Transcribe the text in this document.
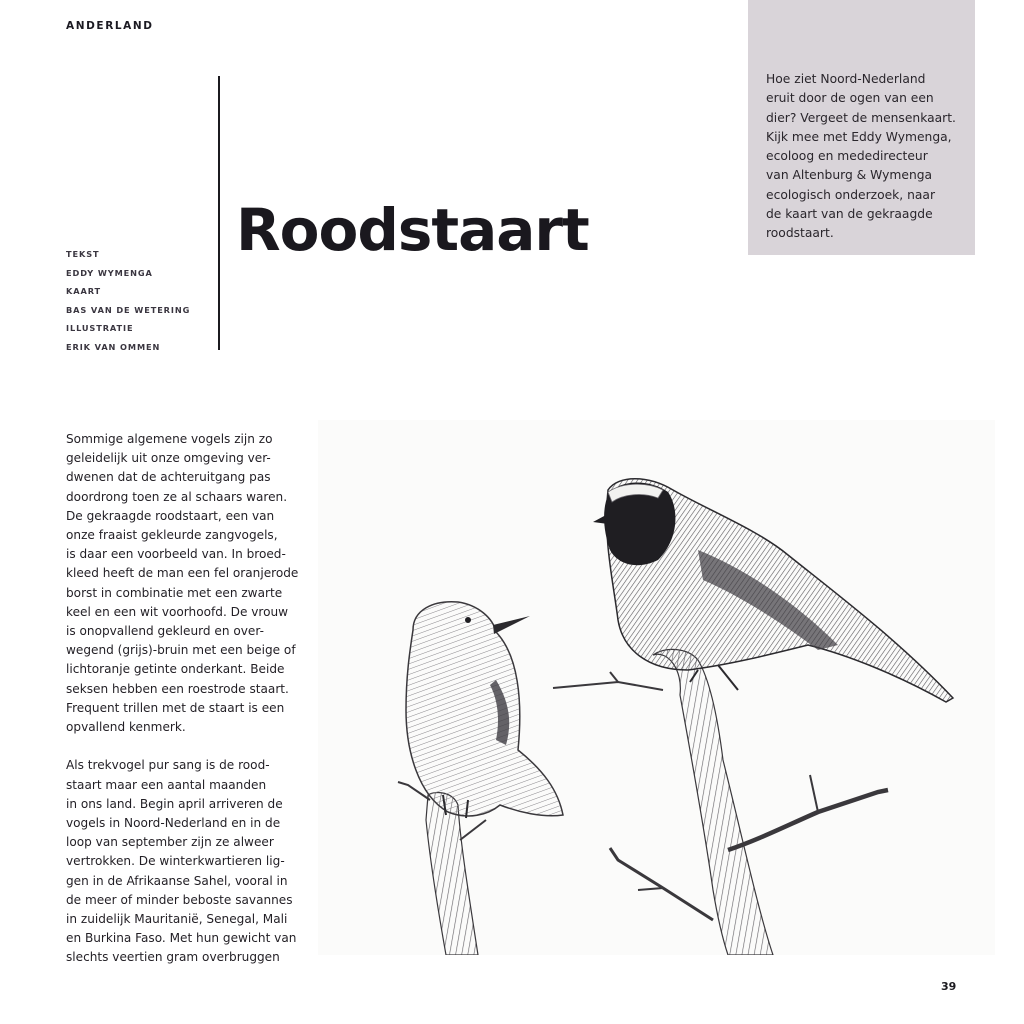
ANDERLAND
TEKST
EDDY WYMENGA
KAART
BAS VAN DE WETERING
ILLUSTRATIE
ERIK VAN OMMEN
Roodstaart
Hoe ziet Noord-Nederland
eruit door de ogen van een
dier? Vergeet de mensenkaart.
Kijk mee met Eddy Wymenga,
ecoloog en mededirecteur
van Altenburg & Wymenga
ecologisch onderzoek, naar
de kaart van de gekraagde
roodstaart.

Sommige algemene vogels zijn zo
geleidelijk uit onze omgeving ver-
dwenen dat de achteruitgang pas
doordrong toen ze al schaars waren.
De gekraagde roodstaart, een van
onze fraaist gekleurde zangvogels,
is daar een voorbeeld van. In broed-
kleed heeft de man een fel oranjerode
borst in combinatie met een zwarte
keel en een wit voorhoofd. De vrouw
is onopvallend gekleurd en over-
wegend (grijs)-bruin met een beige of
lichtoranje getinte onderkant. Beide
seksen hebben een roestrode staart.
Frequent trillen met de staart is een
opvallend kenmerk.

Als trekvogel pur sang is de rood-
staart maar een aantal maanden
in ons land. Begin april arriveren de
vogels in Noord-Nederland en in de
loop van september zijn ze alweer
vertrokken. De winterkwartieren lig-
gen in de Afrikaanse Sahel, vooral in
de meer of minder beboste savannes
in zuidelijk Mauritanië, Senegal, Mali
en Burkina Faso. Met hun gewicht van
slechts veertien gram overbruggen

39
